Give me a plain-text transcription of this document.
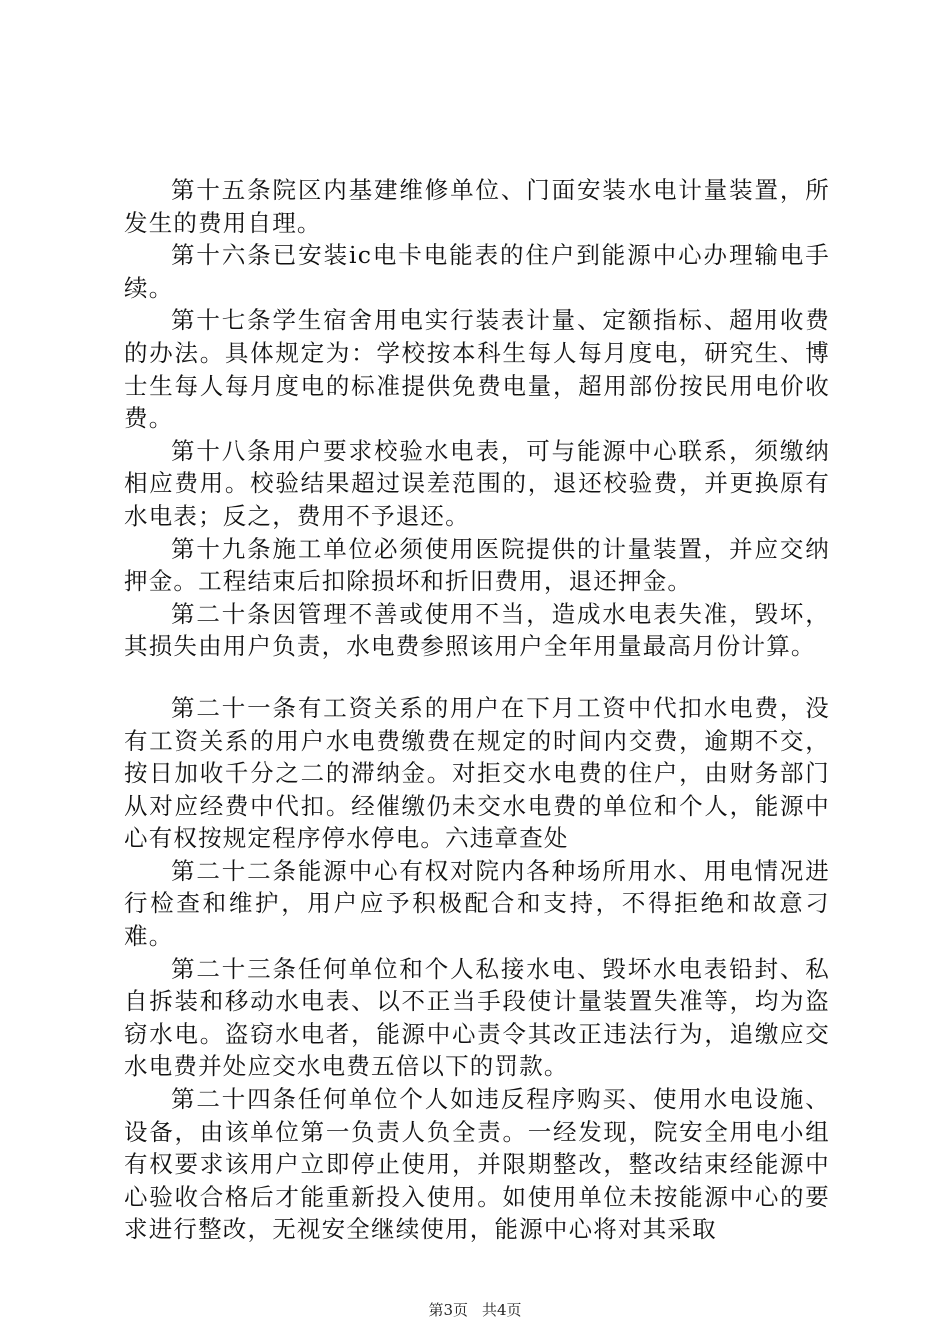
第十五条院区内基建维修单位、门面安装水电计量装置，所发生的费用自理。

第十六条已安装ic电卡电能表的住户到能源中心办理输电手续。

第十七条学生宿舍用电实行装表计量、定额指标、超用收费的办法。具体规定为：学校按本科生每人每月度电，研究生、博士生每人每月度电的标准提供免费电量，超用部份按民用电价收费。

第十八条用户要求校验水电表，可与能源中心联系，须缴纳相应费用。校验结果超过误差范围的，退还校验费，并更换原有水电表；反之，费用不予退还。

第十九条施工单位必须使用医院提供的计量装置，并应交纳押金。工程结束后扣除损坏和折旧费用，退还押金。

第二十条因管理不善或使用不当，造成水电表失准，毁坏，其损失由用户负责，水电费参照该用户全年用量最高月份计算。

第二十一条有工资关系的用户在下月工资中代扣水电费，没有工资关系的用户水电费缴费在规定的时间内交费，逾期不交，按日加收千分之二的滞纳金。对拒交水电费的住户，由财务部门从对应经费中代扣。经催缴仍未交水电费的单位和个人，能源中心有权按规定程序停水停电。六违章查处

第二十二条能源中心有权对院内各种场所用水、用电情况进行检查和维护，用户应予积极配合和支持，不得拒绝和故意刁难。

第二十三条任何单位和个人私接水电、毁坏水电表铅封、私自拆装和移动水电表、以不正当手段使计量装置失准等，均为盗窃水电。盗窃水电者，能源中心责令其改正违法行为，追缴应交水电费并处应交水电费五倍以下的罚款。

第二十四条任何单位个人如违反程序购买、使用水电设施、设备，由该单位第一负责人负全责。一经发现，院安全用电小组有权要求该用户立即停止使用，并限期整改，整改结束经能源中心验收合格后才能重新投入使用。如使用单位未按能源中心的要求进行整改，无视安全继续使用，能源中心将对其采取

第3页 共4页
